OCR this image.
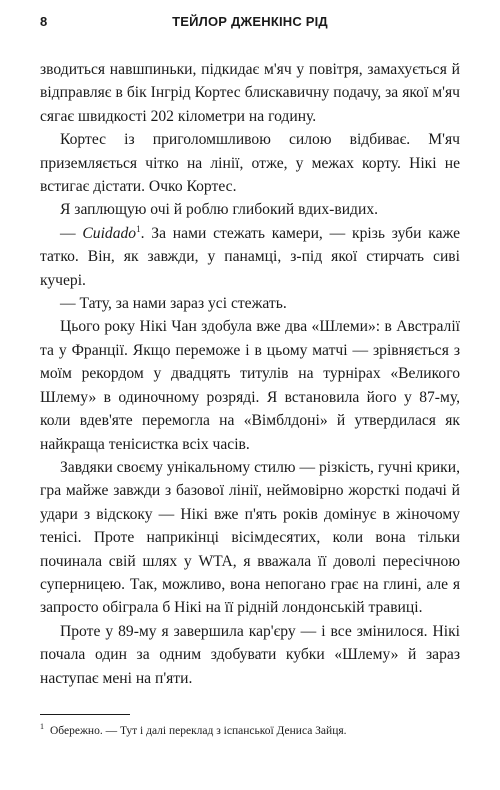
8	ТЕЙЛОР ДЖЕНКІНС РІД

зводиться навшпиньки, підкидає м'яч у повітря, замахується й відправляє в бік Інгрід Кортес блискавичну подачу, за якої м'яч сягає швидкості 202 кілометри на годину.

Кортес із приголомшливою силою відбиває. М'яч приземляється чітко на лінії, отже, у межах корту. Нікі не встигає дістати. Очко Кортес.

Я заплющую очі й роблю глибокий вдих-видих.

— Cuidado$^1$. За нами стежать камери, — крізь зуби каже татко. Він, як завжди, у панамці, з-під якої стирчать сиві кучері.

— Тату, за нами зараз усі стежать.

Цього року Нікі Чан здобула вже два «Шлеми»: в Австралії та у Франції. Якщо переможе і в цьому матчі — зрівняється з моїм рекордом у двадцять титулів на турнірах «Великого Шлему» в одиночному розряді. Я встановила його у 87-му, коли вдев'яте перемогла на «Вімблдоні» й утвердилася як найкраща тенісистка всіх часів.

Завдяки своєму унікальному стилю — різкість, гучні крики, гра майже завжди з базової лінії, неймовірно жорсткі подачі й удари з відскоку — Нікі вже п'ять років домінує в жіночому тенісі. Проте наприкінці вісімдесятих, коли вона тільки починала свій шлях у WTA, я вважала її доволі пересічною суперницею. Так, можливо, вона непогано грає на глині, але я запросто обіграла б Нікі на її рідній лондонській травиці.

Проте у 89-му я завершила кар'єру — і все змінилося. Нікі почала один за одним здобувати кубки «Шлему» й зараз наступає мені на п'яти.

$^1$ Обережно. — Тут і далі переклад з іспанської Дениса Зайця.
